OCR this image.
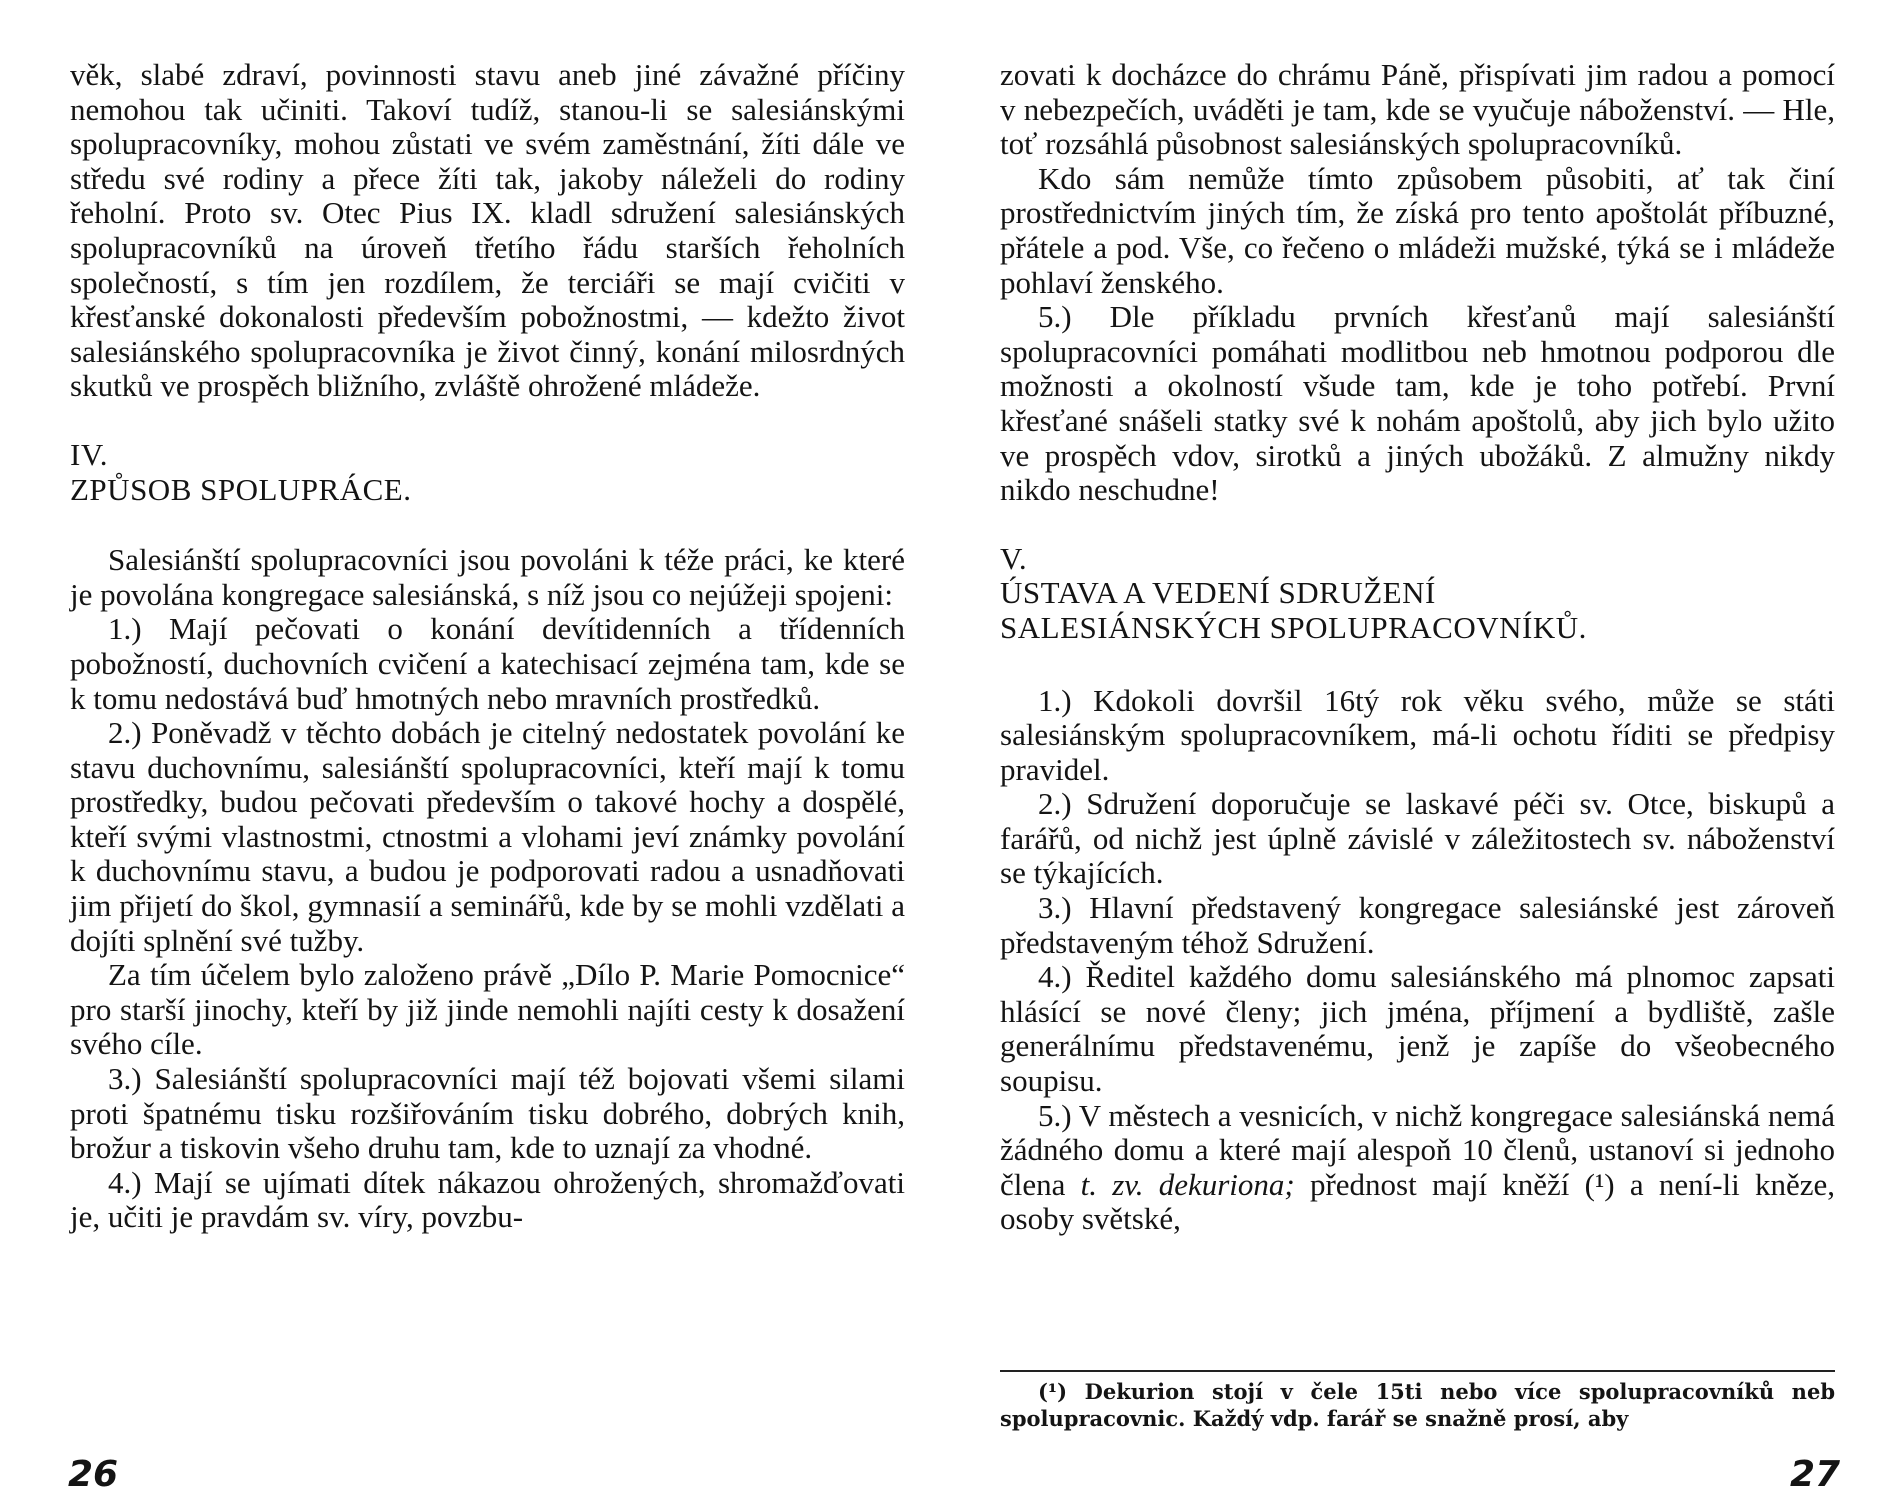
věk, slabé zdraví, povinnosti stavu aneb jiné závažné příčiny nemohou tak učiniti. Takoví tudíž, stanou-li se salesiánskými spolupracovníky, mohou zůstati ve svém zaměstnání, žíti dále ve středu své rodiny a přece žíti tak, jakoby náleželi do rodiny řeholní. Proto sv. Otec Pius IX. kladl sdružení salesiánských spolupracovníků na úroveň třetího řádu starších řeholních společností, s tím jen rozdílem, že terciáři se mají cvičiti v křesťanské dokonalosti především pobožnostmi, — kdežto život salesiánského spolupracovníka je život činný, konání milosrdných skutků ve prospěch bližního, zvláště ohrožené mládeže.

IV.

ZPŮSOB SPOLUPRÁCE.

Salesiánští spolupracovníci jsou povoláni k téže práci, ke které je povolána kongregace salesiánská, s níž jsou co nejúžeji spojeni:

1.) Mají pečovati o konání devítidenních a třídenních pobožností, duchovních cvičení a katechisací zejména tam, kde se k tomu nedostává buď hmotných nebo mravních prostředků.

2.) Poněvadž v těchto dobách je citelný nedostatek povolání ke stavu duchovnímu, salesiánští spolupracovníci, kteří mají k tomu prostředky, budou pečovati především o takové hochy a dospělé, kteří svými vlastnostmi, ctnostmi a vlohami jeví známky povolání k duchovnímu stavu, a budou je podporovati radou a usnadňovati jim přijetí do škol, gymnasií a seminářů, kde by se mohli vzdělati a dojíti splnění své tužby.

Za tím účelem bylo založeno právě „Dílo P. Marie Pomocnice“ pro starší jinochy, kteří by již jinde nemohli najíti cesty k dosažení svého cíle.

3.) Salesiánští spolupracovníci mají též bojovati všemi silami proti špatnému tisku rozšiřováním tisku dobrého, dobrých knih, brožur a tiskovin všeho druhu tam, kde to uznají za vhodné.

4.) Mají se ujímati dítek nákazou ohrožených, shromažďovati je, učiti je pravdám sv. víry, povzbu-

zovati k docházce do chrámu Páně, přispívati jim radou a pomocí v nebezpečích, uváděti je tam, kde se vyučuje náboženství. — Hle, toť rozsáhlá působnost salesiánských spolupracovníků.

Kdo sám nemůže tímto způsobem působiti, ať tak činí prostřednictvím jiných tím, že získá pro tento apoštolát příbuzné, přátele a pod. Vše, co řečeno o mládeži mužské, týká se i mládeže pohlaví ženského.

5.) Dle příkladu prvních křesťanů mají salesiánští spolupracovníci pomáhati modlitbou neb hmotnou podporou dle možnosti a okolností všude tam, kde je toho potřebí. První křesťané snášeli statky své k nohám apoštolů, aby jich bylo užito ve prospěch vdov, sirotků a jiných ubožáků. Z almužny nikdy nikdo neschudne!

V.

ÚSTAVA A VEDENÍ SDRUŽENÍ

SALESIÁNSKÝCH SPOLUPRACOVNÍKŮ.

1.) Kdokoli dovršil 16tý rok věku svého, může se státi salesiánským spolupracovníkem, má-li ochotu říditi se předpisy pravidel.

2.) Sdružení doporučuje se laskavé péči sv. Otce, biskupů a farářů, od nichž jest úplně závislé v záležitostech sv. náboženství se týkajících.

3.) Hlavní představený kongregace salesiánské jest zároveň představeným téhož Sdružení.

4.) Ředitel každého domu salesiánského má plnomoc zapsati hlásící se nové členy; jich jména, příjmení a bydliště, zašle generálnímu představenému, jenž je zapíše do všeobecného soupisu.

5.) V městech a vesnicích, v nichž kongregace salesiánská nemá žádného domu a které mají alespoň 10 členů, ustanoví si jednoho člena t. zv. dekuriona; přednost mají kněží (¹) a není-li kněze, osoby světské,

(¹) Dekurion stojí v čele 15ti nebo více spolupracovníků neb spolupracovnic. Každý vdp. farář se snažně prosí, aby

26	27
